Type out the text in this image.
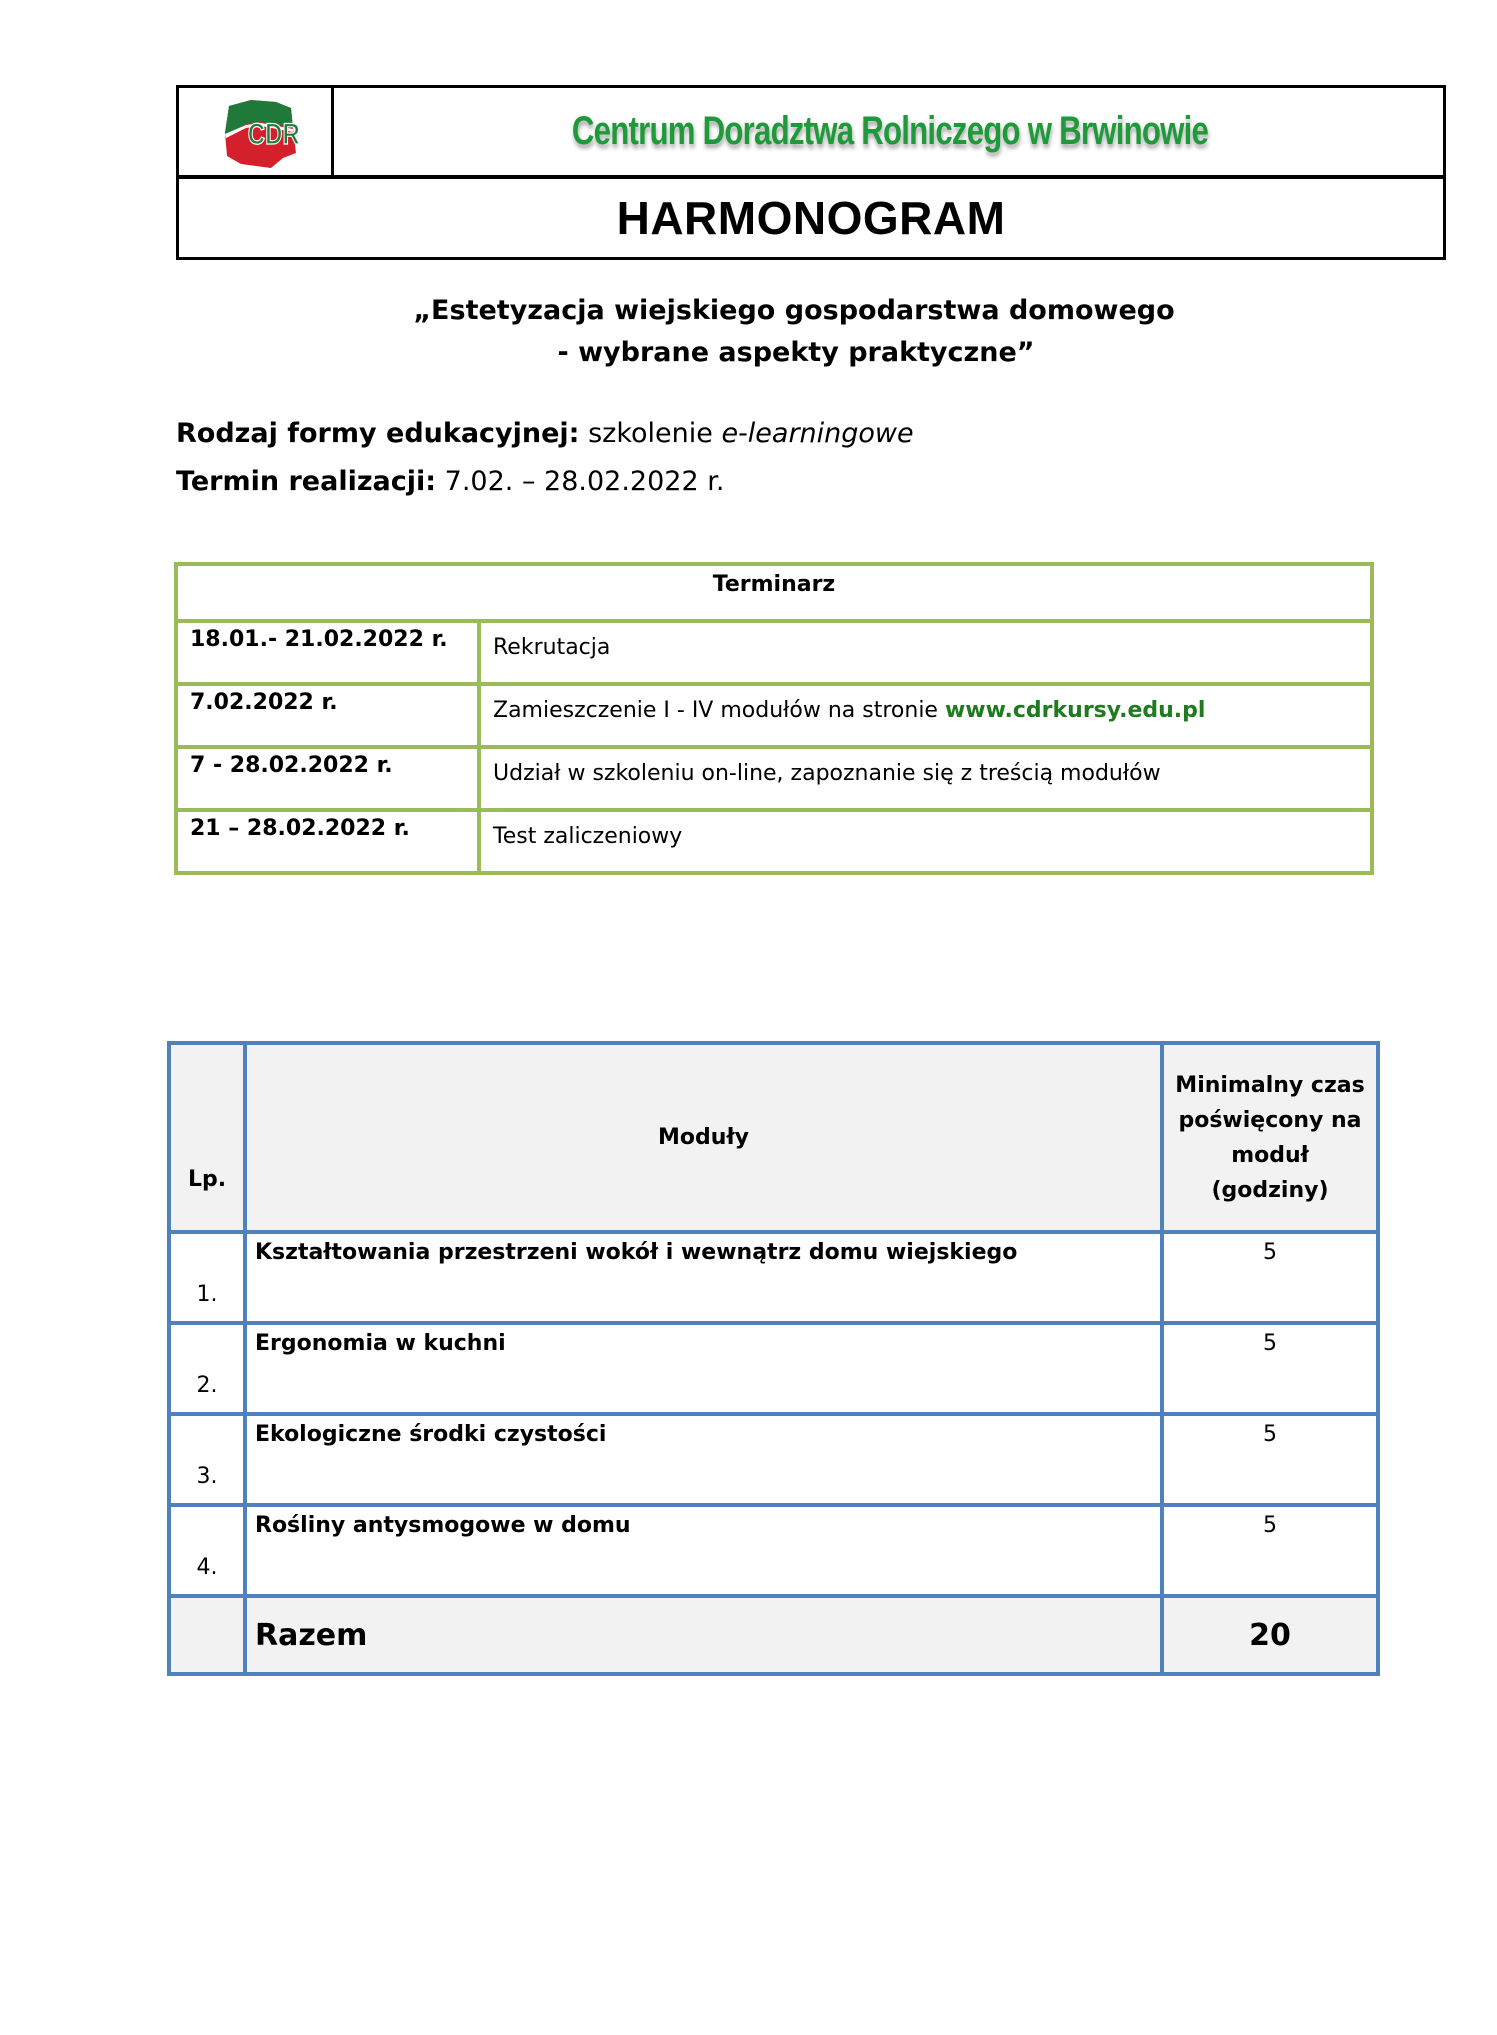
CDR	Centrum Doradztwa Rolniczego w Brwinowie
HARMONOGRAM
„Estetyzacja wiejskiego gospodarstwa domowego
- wybrane aspekty praktyczne”
Rodzaj formy edukacyjnej: szkolenie e-learningowe
Termin realizacji: 7.02. – 28.02.2022 r.
Terminarz	
18.01.- 21.02.2022 r.	Rekrutacja
7.02.2022 r.	Zamieszczenie I - IV modułów na stronie www.cdrkursy.edu.pl
7 - 28.02.2022 r.	Udział w szkoleniu on-line, zapoznanie się z treścią modułów
21 – 28.02.2022 r.	Test zaliczeniowy
Lp.	Moduły	Minimalny czas
poświęcony na
moduł
(godziny)

1.	Kształtowania przestrzeni wokół i wewnątrz domu wiejskiego	5
2.	Ergonomia w kuchni	5
3.	Ekologiczne środki czystości	5
4.	Rośliny antysmogowe w domu	5
	Razem	20
